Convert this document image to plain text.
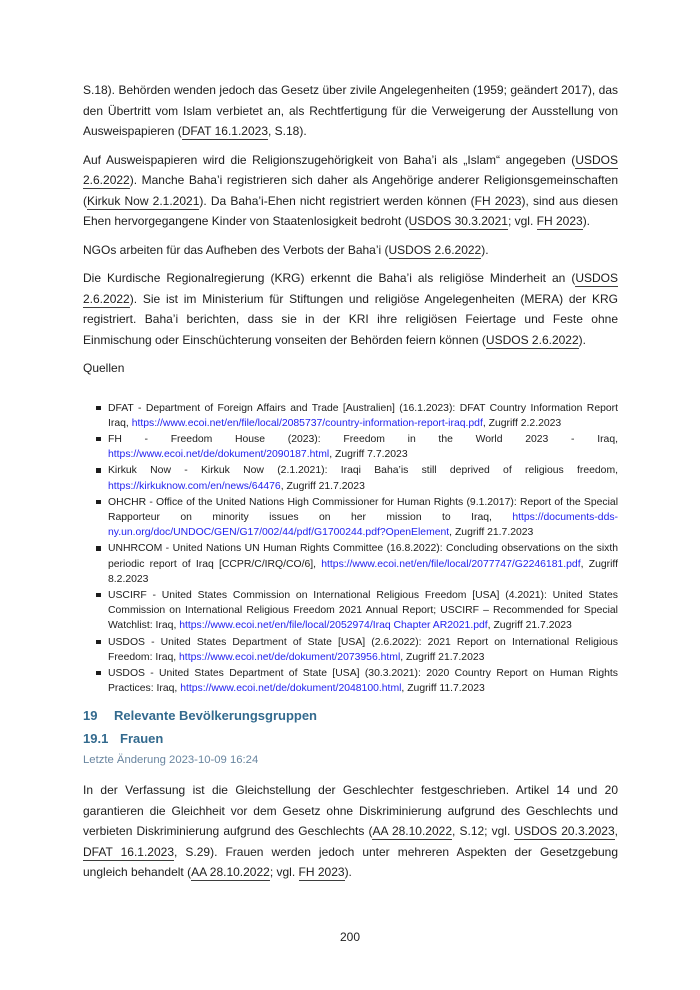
S.18). Behörden wenden jedoch das Gesetz über zivile Angelegenheiten (1959; geändert 2017), das den Übertritt vom Islam verbietet an, als Rechtfertigung für die Verweigerung der Ausstellung von Ausweispapieren (DFAT 16.1.2023, S.18).

Auf Ausweispapieren wird die Religionszugehörigkeit von Baha’i als „Islam“ angegeben (USDOS 2.6.2022). Manche Baha’i registrieren sich daher als Angehörige anderer Religionsgemeinschaften (Kirkuk Now 2.1.2021). Da Baha’i-Ehen nicht registriert werden können (FH 2023), sind aus diesen Ehen hervorgegangene Kinder von Staatenlosigkeit bedroht (USDOS 30.3.2021; vgl. FH 2023).

NGOs arbeiten für das Aufheben des Verbots der Baha’i (USDOS 2.6.2022).

Die Kurdische Regionalregierung (KRG) erkennt die Baha’i als religiöse Minderheit an (USDOS 2.6.2022). Sie ist im Ministerium für Stiftungen und religiöse Angelegenheiten (MERA) der KRG registriert. Baha’i berichten, dass sie in der KRI ihre religiösen Feiertage und Feste ohne Einmischung oder Einschüchterung vonseiten der Behörden feiern können (USDOS 2.6.2022).

Quellen

DFAT - Department of Foreign Affairs and Trade [Australien] (16.1.2023): DFAT Country Information Report Iraq, https://www.ecoi.net/en/file/local/2085737/country-information-report-iraq.pdf, Zugriff 2.2.2023
FH - Freedom House (2023): Freedom in the World 2023 - Iraq, https://www.ecoi.net/de/dokument/2090187.html, Zugriff 7.7.2023
Kirkuk Now - Kirkuk Now (2.1.2021): Iraqi Baha’is still deprived of religious freedom, https://kirkuknow.com/en/news/64476, Zugriff 21.7.2023
OHCHR - Office of the United Nations High Commissioner for Human Rights (9.1.2017): Report of the Special Rapporteur on minority issues on her mission to Iraq, https://documents-dds-ny.un.org/doc/UNDOC/GEN/G17/002/44/pdf/G1700244.pdf?OpenElement, Zugriff 21.7.2023
UNHRCOM - United Nations UN Human Rights Committee (16.8.2022): Concluding observations on the sixth periodic report of Iraq [CCPR/C/IRQ/CO/6], https://www.ecoi.net/en/file/local/2077747/G2246181.pdf, Zugriff 8.2.2023
USCIRF - United States Commission on International Religious Freedom [USA] (4.2021): United States Commission on International Religious Freedom 2021 Annual Report; USCIRF – Recommended for Special Watchlist: Iraq, https://www.ecoi.net/en/file/local/2052974/Iraq Chapter AR2021.pdf, Zugriff 21.7.2023
USDOS - United States Department of State [USA] (2.6.2022): 2021 Report on International Religious Freedom: Iraq, https://www.ecoi.net/de/dokument/2073956.html, Zugriff 21.7.2023
USDOS - United States Department of State [USA] (30.3.2021): 2020 Country Report on Human Rights Practices: Iraq, https://www.ecoi.net/de/dokument/2048100.html, Zugriff 11.7.2023
19 Relevante Bevölkerungsgruppen
19.1 Frauen
Letzte Änderung 2023-10-09 16:24

In der Verfassung ist die Gleichstellung der Geschlechter festgeschrieben. Artikel 14 und 20 garantieren die Gleichheit vor dem Gesetz ohne Diskriminierung aufgrund des Geschlechts und verbieten Diskriminierung aufgrund des Geschlechts (AA 28.10.2022, S.12; vgl. USDOS 20.3.2023, DFAT 16.1.2023, S.29). Frauen werden jedoch unter mehreren Aspekten der Gesetzgebung ungleich behandelt (AA 28.10.2022; vgl. FH 2023).

200
